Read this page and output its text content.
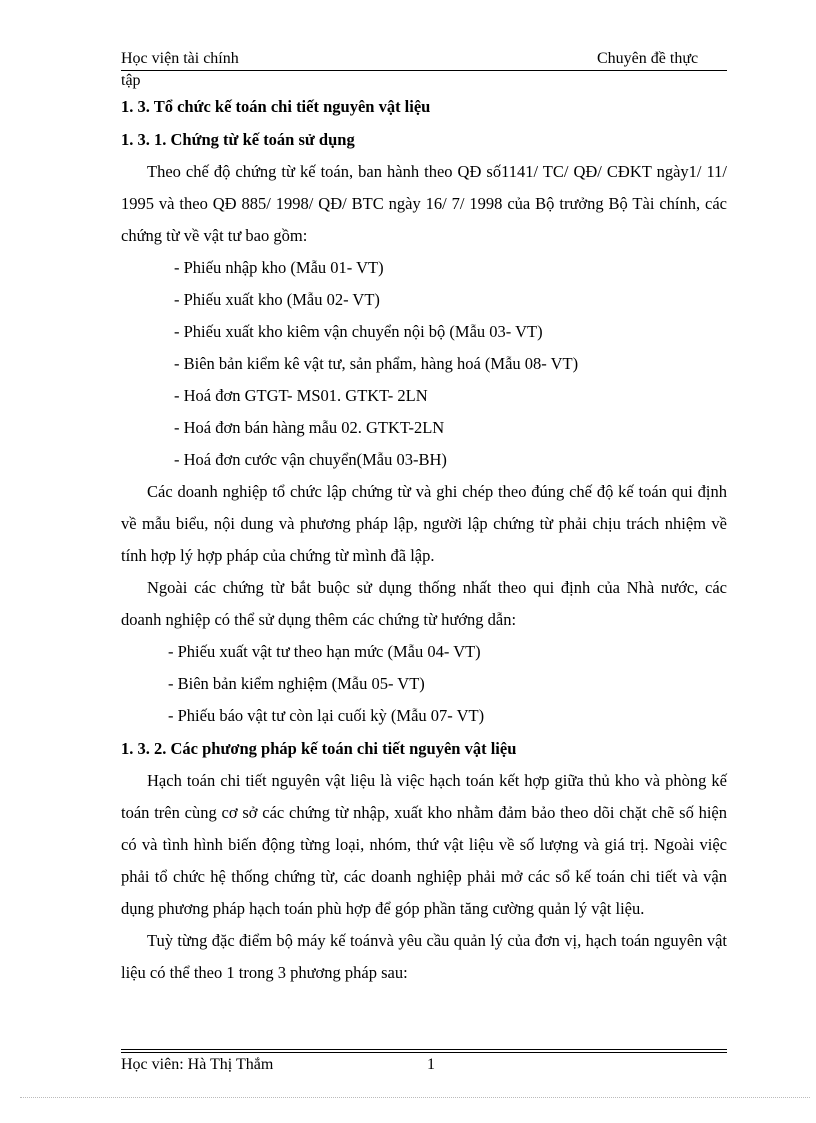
Học viện tài chính	Chuyên đề thực
tập
1. 3. Tổ chức kế toán chi tiết nguyên vật liệu
1. 3. 1. Chứng từ kế toán sử dụng
Theo chế độ chứng từ kế toán, ban hành theo QĐ số1141/ TC/ QĐ/ CĐKT ngày1/ 11/ 1995 và theo QĐ 885/ 1998/ QĐ/ BTC ngày 16/ 7/ 1998 của Bộ trưởng Bộ Tài chính, các chứng từ về vật tư bao gồm:
- Phiếu nhập kho (Mẫu 01- VT)
- Phiếu xuất kho (Mẫu 02- VT)
- Phiếu xuất kho kiêm vận chuyển nội bộ (Mẫu 03- VT)
- Biên bản kiểm kê vật tư, sản phẩm, hàng hoá (Mẫu 08- VT)
- Hoá đơn GTGT- MS01. GTKT- 2LN
- Hoá đơn bán hàng mẫu 02. GTKT-2LN
- Hoá đơn cước vận chuyển(Mẫu 03-BH)
Các doanh nghiệp tổ chức lập chứng từ và ghi chép theo đúng chế độ kế toán qui định về mẫu biểu, nội dung và phương pháp lập, người lập chứng từ phải chịu trách nhiệm về tính hợp lý hợp pháp của chứng từ mình đã lập.
Ngoài các chứng từ bắt buộc sử dụng thống nhất theo qui định của Nhà nước, các doanh nghiệp có thể sử dụng thêm các chứng từ hướng dẫn:
- Phiếu xuất vật tư theo hạn mức (Mẫu 04- VT)
- Biên bản kiểm nghiệm (Mẫu 05- VT)
- Phiếu báo vật tư còn lại cuối kỳ (Mẫu 07- VT)
1. 3. 2. Các phương pháp kế toán chi tiết nguyên vật liệu
Hạch toán chi tiết nguyên vật liệu là việc hạch toán kết hợp giữa thủ kho và phòng kế toán trên cùng cơ sở các chứng từ nhập, xuất kho nhằm đảm bảo theo dõi chặt chẽ số hiện có và tình hình biến động từng loại, nhóm, thứ vật liệu về số lượng và giá trị. Ngoài việc phải tổ chức hệ thống chứng từ, các doanh nghiệp phải mở các sổ kế toán chi tiết và vận dụng phương pháp hạch toán phù hợp để góp phần tăng cường quản lý vật liệu.
Tuỳ từng đặc điểm bộ máy kế toánvà yêu cầu quản lý của đơn vị, hạch toán nguyên vật liệu có thể theo 1 trong 3 phương pháp sau:
Học viên: Hà Thị Thắm	1
